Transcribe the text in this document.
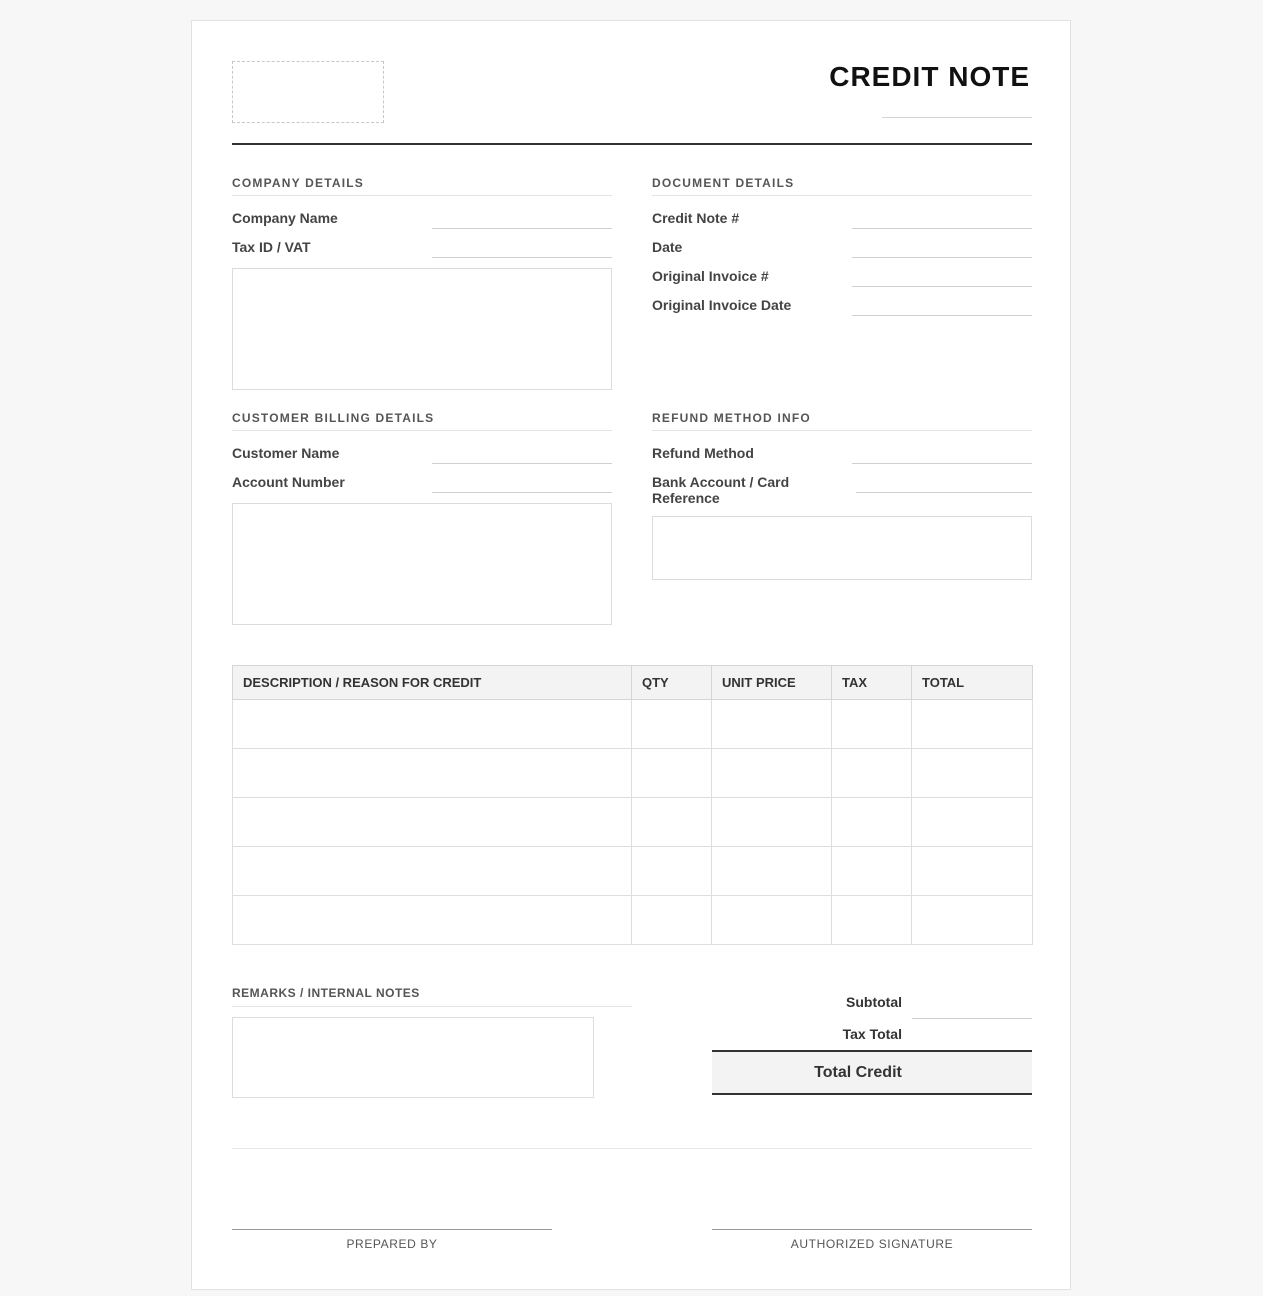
CREDIT NOTE
COMPANY DETAILS
Company Name
Tax ID / VAT
DOCUMENT DETAILS
Credit Note #
Date
Original Invoice #
Original Invoice Date
CUSTOMER BILLING DETAILS
Customer Name
Account Number
REFUND METHOD INFO
Refund Method
Bank Account / Card Reference
DESCRIPTION / REASON FOR CREDIT	QTY	UNIT PRICE	TAX	TOTAL

REMARKS / INTERNAL NOTES
Subtotal
Tax Total
Total Credit
PREPARED BY	AUTHORIZED SIGNATURE
